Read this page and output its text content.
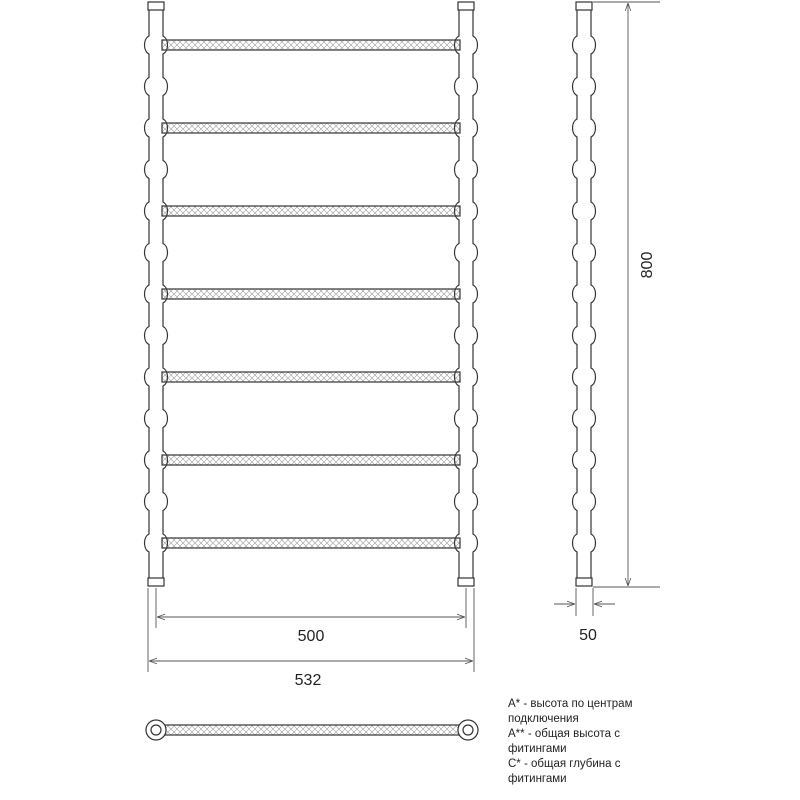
500
532
800
50
А* - высота по центрам
подключения
А** - общая высота с
фитингами
С* - общая глубина с
фитингами
